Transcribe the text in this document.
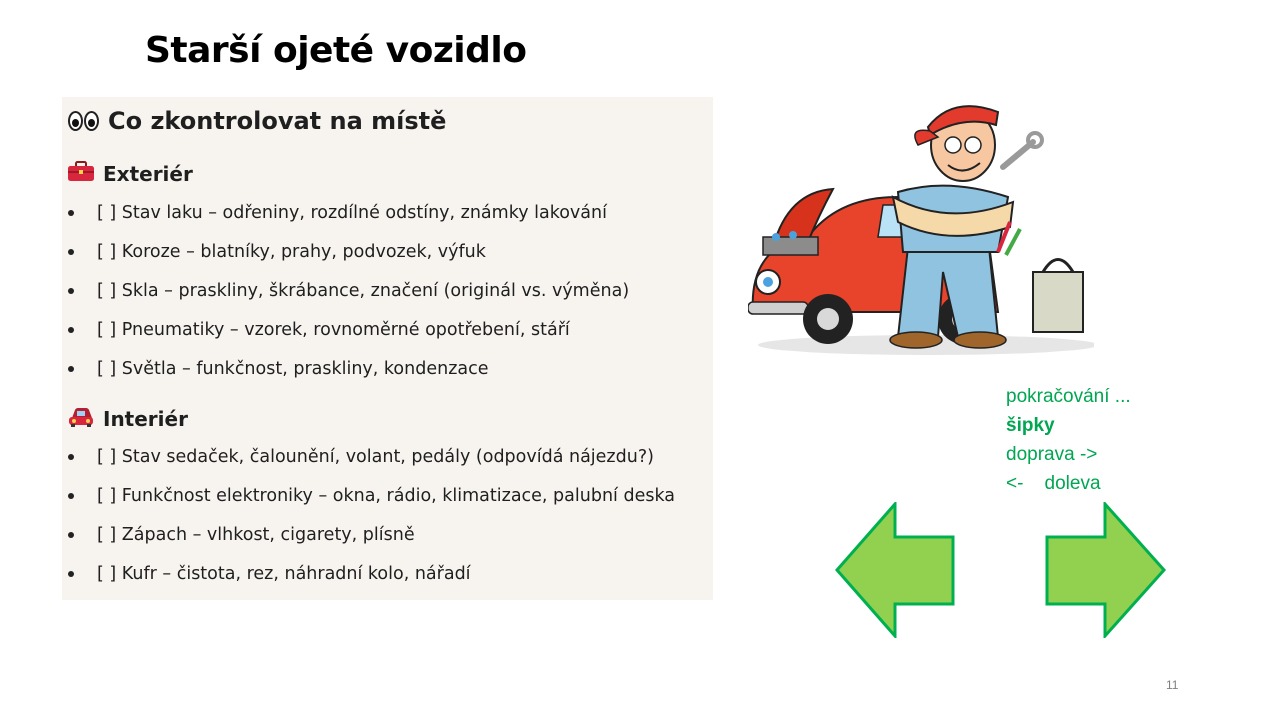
Starší ojeté vozidlo
Co zkontrolovat na místě
Exteriér
[ ] Stav laku – odřeniny, rozdílné odstíny, známky lakování
[ ] Koroze – blatníky, prahy, podvozek, výfuk
[ ] Skla – praskliny, škrábance, značení (originál vs. výměna)
[ ] Pneumatiky – vzorek, rovnoměrné opotřebení, stáří
[ ] Světla – funkčnost, praskliny, kondenzace
Interiér
[ ] Stav sedaček, čalounění, volant, pedály (odpovídá nájezdu?)
[ ] Funkčnost elektroniky – okna, rádio, klimatizace, palubní deska
[ ] Zápach – vlhkost, cigarety, plísně
[ ] Kufr – čistota, rez, náhradní kolo, nářadí
pokračování ...
šipky
doprava ->
<-    doleva
11
